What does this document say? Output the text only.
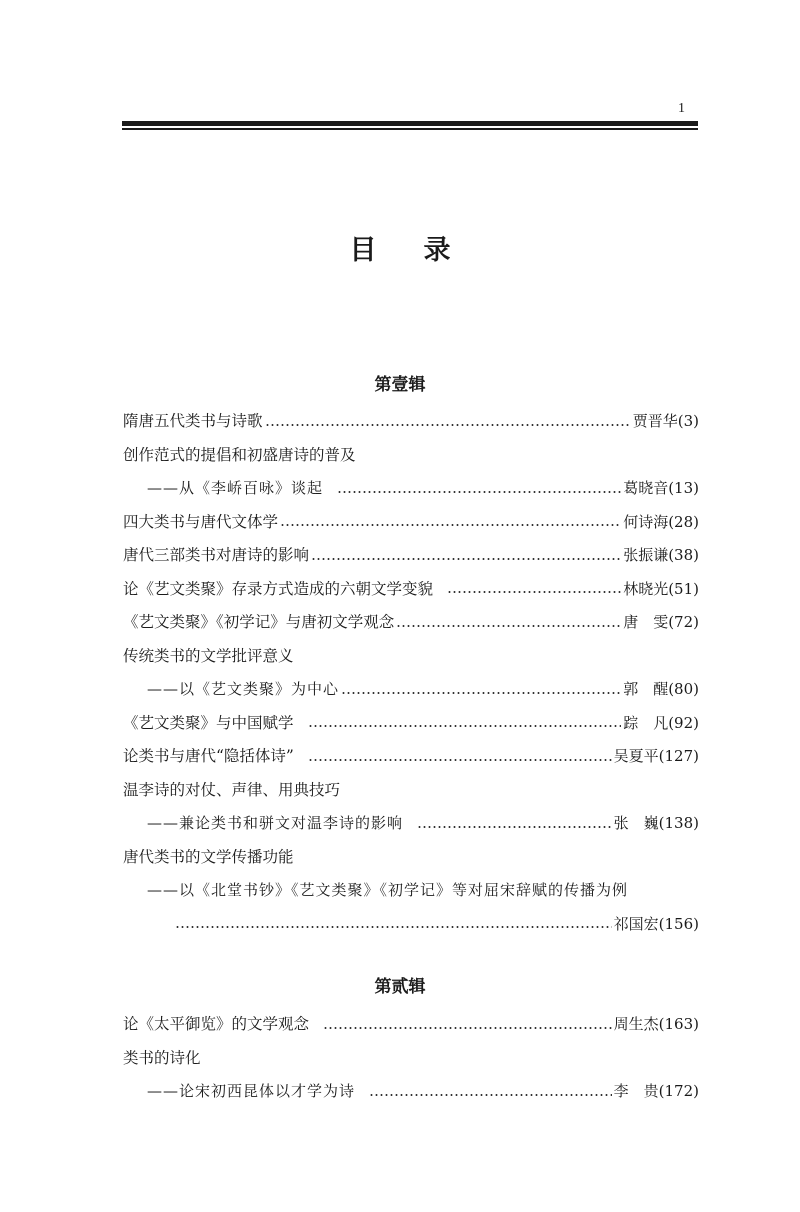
1
目　录
第壹辑
隋唐五代类书与诗歌	贾晋华(3)
创作范式的提倡和初盛唐诗的普及
——从《李峤百咏》谈起	葛晓音(13)
四大类书与唐代文体学	何诗海(28)
唐代三部类书对唐诗的影响	张振谦(38)
论《艺文类聚》存录方式造成的六朝文学变貌	林晓光(51)
《艺文类聚》《初学记》与唐初文学观念	唐　雯(72)
传统类书的文学批评意义
——以《艺文类聚》为中心	郭　醒(80)
《艺文类聚》与中国赋学	踪　凡(92)
论类书与唐代“隐括体诗”	吴夏平(127)
温李诗的对仗、声律、用典技巧
——兼论类书和骈文对温李诗的影响	张　巍(138)
唐代类书的文学传播功能
——以《北堂书钞》《艺文类聚》《初学记》等对屈宋辞赋的传播为例
祁国宏(156)
第贰辑
论《太平御览》的文学观念	周生杰(163)
类书的诗化
——论宋初西昆体以才学为诗	李　贵(172)
